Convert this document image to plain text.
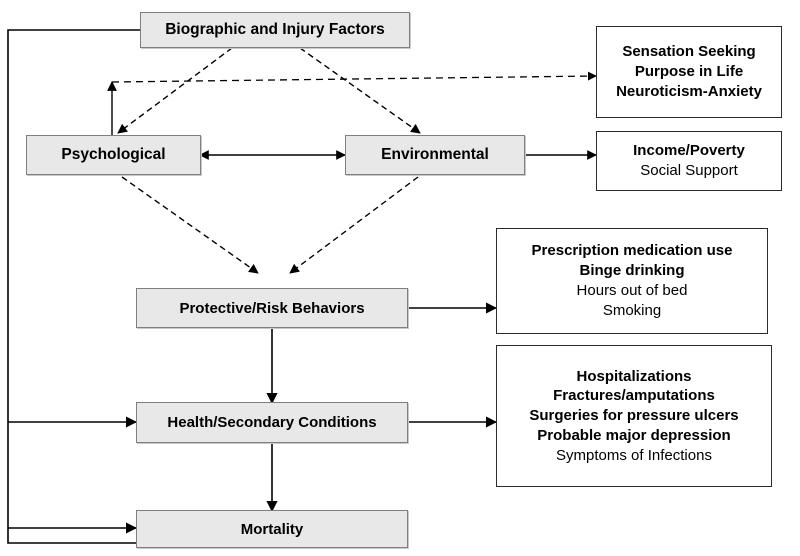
Biographic and Injury Factors
Psychological	Environmental
Protective/Risk Behaviors
Health/Secondary Conditions
Mortality
Sensation Seeking
Purpose in Life
Neuroticism-Anxiety
Income/Poverty
Social Support
Prescription medication use
Binge drinking
Hours out of bed
Smoking
Hospitalizations
Fractures/amputations
Surgeries for pressure ulcers
Probable major depression
Symptoms of Infections
